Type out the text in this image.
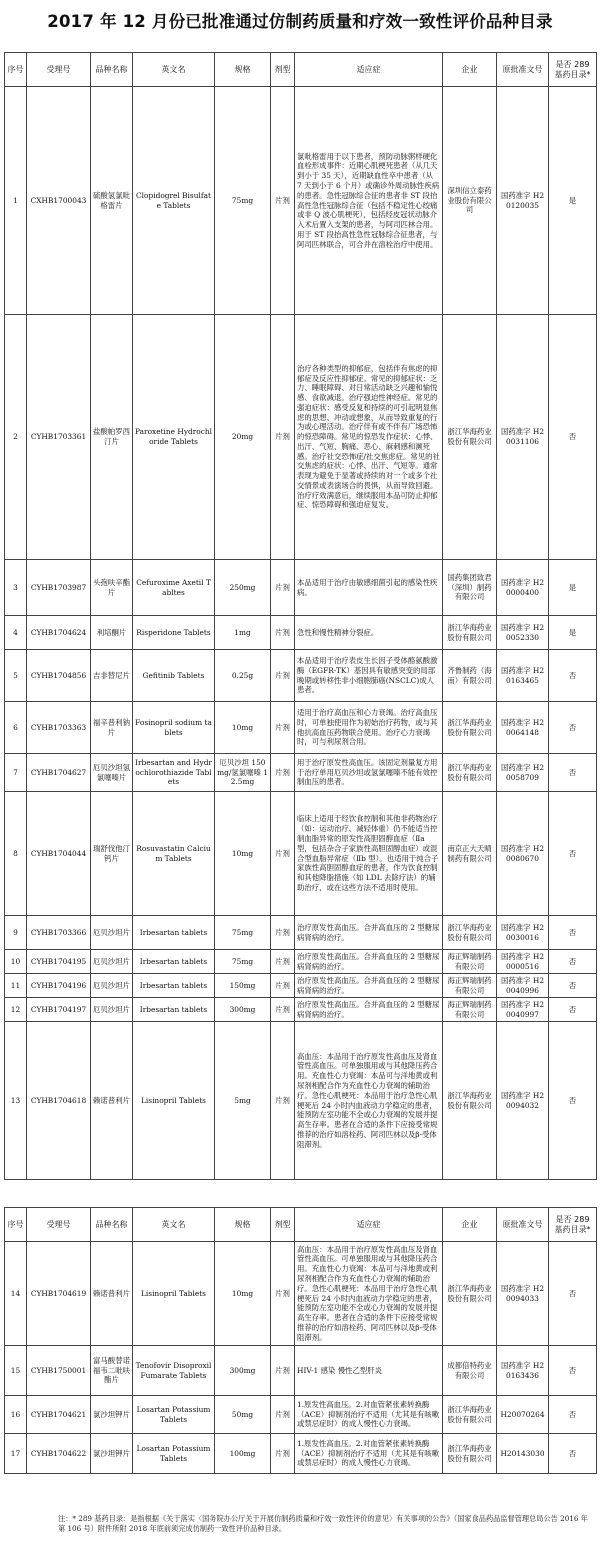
2017 年 12 月份已批准通过仿制药质量和疗效一致性评价品种目录
序号	受理号	品种名称	英文名	规格	剂型	适应症	企业	原批准文号	是否 289 基药目录*
1	CXHB1700043	硫酸氢氯吡格雷片	Clopidogrel Bisulfate Tablets	75mg	片剂	氯吡格雷用于以下患者，预防动脉粥样硬化血栓形成事件：近期心肌梗死患者（从几天到小于 35 天），近期缺血性卒中患者（从 7 天到小于 6 个月）或确诊外周动脉性疾病的患者。急性冠脉综合征的患者非 ST 段抬高性急性冠脉综合征（包括不稳定性心绞痛或非 Q 波心肌梗死），包括经皮冠状动脉介入术后置入支架的患者，与阿司匹林合用。用于 ST 段抬高性急性冠脉综合征患者，与阿司匹林联合，可合并在溶栓治疗中使用。	深圳信立泰药业股份有限公司	国药准字 H20120035	是
2	CYHB1703361	盐酸帕罗西汀片	Paroxetine Hydrochloride Tablets	20mg	片剂	治疗各种类型的抑郁症，包括伴有焦虑的抑郁症及反应性抑郁症。常见的抑郁症状：乏力、睡眠障碍、对日常活动缺乏兴趣和愉悦感、食欲减退。治疗强迫性神经症。常见的强迫症状：感受反复和持续的可引起明显焦虑的思想、冲动或想象，从而导致重复的行为或心理活动。治疗伴有或不伴有广场恐怖的惊恐障碍。常见的惊恐发作症状：心悸、出汗、气短、胸痛、恶心、麻刺感和濒死感。治疗社交恐怖症/社交焦虑症。常见的社交焦虑的症状：心悸、出汗、气短等。通常表现为避免于显著或持续的对一个或多个社交情景或表演场合的畏惧，从而导致回避。治疗疗效满意后，继续服用本品可防止抑郁症、惊恐障碍和强迫症复发。	浙江华海药业股份有限公司	国药准字 H20031106	否
3	CYHB1703987	头孢呋辛酯片	Cefuroxime Axetil Tabltes	250mg	片剂	本品适用于治疗由敏感细菌引起的感染性疾病。	国药集团致君（深圳）制药有限公司	国药准字 H20000400	是
4	CYHB1704624	利培酮片	Risperidone Tablets	1mg	片剂	急性和慢性精神分裂症。	浙江华海药业股份有限公司	国药准字 H20052330	是
5	CYHB1704856	吉非替尼片	Gefitinib Tablets	0.25g	片剂	本品适用于治疗表皮生长因子受体酪氨酸激酶（EGFR-TK）基因具有敏感突变的局部晚期或转移性非小细胞肺癌(NSCLC)成人患者。	齐鲁制药（海南）有限公司	国药准字 H20163465	否
6	CYHB1703363	福辛普利钠片	Fosinopril sodium tablets	10mg	片剂	适用于治疗高血压和心力衰竭。治疗高血压时，可单独使用作为初始治疗药物，或与其他抗高血压药物联合使用。治疗心力衰竭时，可与利尿剂合用。	浙江华海药业股份有限公司	国药准字 H20064148	否
7	CYHB1704627	厄贝沙坦氢氯噻嗪片	Irbesartan and Hydrochlorothiazide Tablets	厄贝沙坦 150mg/氢氯噻嗪 12.5mg	片剂	用于治疗原发性高血压。该固定剂量复方用于治疗单用厄贝沙坦或氢氯噻嗪不能有效控制血压的患者。	浙江华海药业股份有限公司	国药准字 H20058709	否
8	CYHB1704044	瑞舒伐他汀钙片	Rosuvastatin Calcium Tablets	10mg	片剂	临床上适用于经饮食控制和其他非药物治疗（如：运动治疗、减轻体重）仍不能适当控制血脂异常的原发性高胆固醇血症（Ⅱa 型，包括杂合子家族性高胆固醇血症）或混合型血脂异常症（Ⅱb 型）。也适用于纯合子家族性高胆固醇血症的患者，作为饮食控制和其他降脂措施（如 LDL 去除疗法）的辅助治疗，或在这些方法不适用时使用。	南京正大天晴制药有限公司	国药准字 H20080670	否
9	CYHB1703366	厄贝沙坦片	Irbesartan tablets	75mg	片剂	治疗原发性高血压。合并高血压的 2 型糖尿病肾病的治疗。	浙江华海药业股份有限公司	国药准字 H20030016	否
10	CYHB1704195	厄贝沙坦片	Irbesartan tablets	75mg	片剂	治疗原发性高血压。合并高血压的 2 型糖尿病肾病的治疗。	海正辉瑞制药有限公司	国药准字 H20000516	否
11	CYHB1704196	厄贝沙坦片	Irbesartan tablets	150mg	片剂	治疗原发性高血压。合并高血压的 2 型糖尿病肾病的治疗。	海正辉瑞制药有限公司	国药准字 H20040996	否
12	CYHB1704197	厄贝沙坦片	Irbesartan tablets	300mg	片剂	治疗原发性高血压。合并高血压的 2 型糖尿病肾病的治疗。	海正辉瑞制药有限公司	国药准字 H20040997	否
13	CYHB1704618	赖诺普利片	Lisinopril Tablets	5mg	片剂	高血压：本品用于治疗原发性高血压及肾血管性高血压。可单独服用或与其他降压药合用。充血性心力衰竭：本品可与洋地黄或利尿剂相配合作为充血性心力衰竭的辅助治疗。急性心肌梗死：本品用于治疗急性心肌梗死后 24 小时内血液动力学稳定的患者，能预防左室功能不全或心力衰竭的发展并提高生存率。患者在合适的条件下应接受常规推荐的治疗如溶栓药、阿司匹林以及β-受体阻滞剂。	浙江华海药业股份有限公司	国药准字 H20094032	否
序号	受理号	品种名称	英文名	规格	剂型	适应症	企业	原批准文号	是否 289 基药目录*
14	CYHB1704619	赖诺普利片	Lisinopril Tablets	10mg	片剂	高血压：本品用于治疗原发性高血压及肾血管性高血压。可单独服用或与其他降压药合用。充血性心力衰竭：本品可与洋地黄或利尿剂相配合作为充血性心力衰竭的辅助治疗。急性心肌梗死：本品用于治疗急性心肌梗死后 24 小时内血液动力学稳定的患者，能预防左室功能不全或心力衰竭的发展并提高生存率。患者在合适的条件下应接受常规推荐的治疗如溶栓药、阿司匹林以及β-受体阻滞剂。	浙江华海药业股份有限公司	国药准字 H20094033	否
15	CYHB1750001	富马酸替诺福韦二吡呋酯片	Tenofovir Disoproxil Fumarate Tablets	300mg	片剂	HIV-1 感染 慢性乙型肝炎	成都倍特药业有限公司	国药准字 H20163436	否
16	CYHB1704621	氯沙坦钾片	Losartan Potassium Tablets	50mg	片剂	1.原发性高血压。2.对血管紧张素转换酶（ACE）抑制剂治疗不适用（尤其是有咳嗽或禁忌症时）的成人慢性心力衰竭。	浙江华海药业股份有限公司	H20070264	否
17	CYHB1704622	氯沙坦钾片	Losartan Potassium Tablets	100mg	片剂	1.原发性高血压。2.对血管紧张素转换酶（ACE）抑制剂治疗不适用（尤其是有咳嗽或禁忌症时）的成人慢性心力衰竭。	浙江华海药业股份有限公司	H20143030	否
注：* 289 基药目录：是指根据《关于落实〈国务院办公厅关于开展仿制药质量和疗效一致性评价的意见〉有关事项的公告》（国家食品药品监督管理总局公告 2016 年第 106 号）附件所附 2018 年底前须完成仿制药一致性评价品种目录。
